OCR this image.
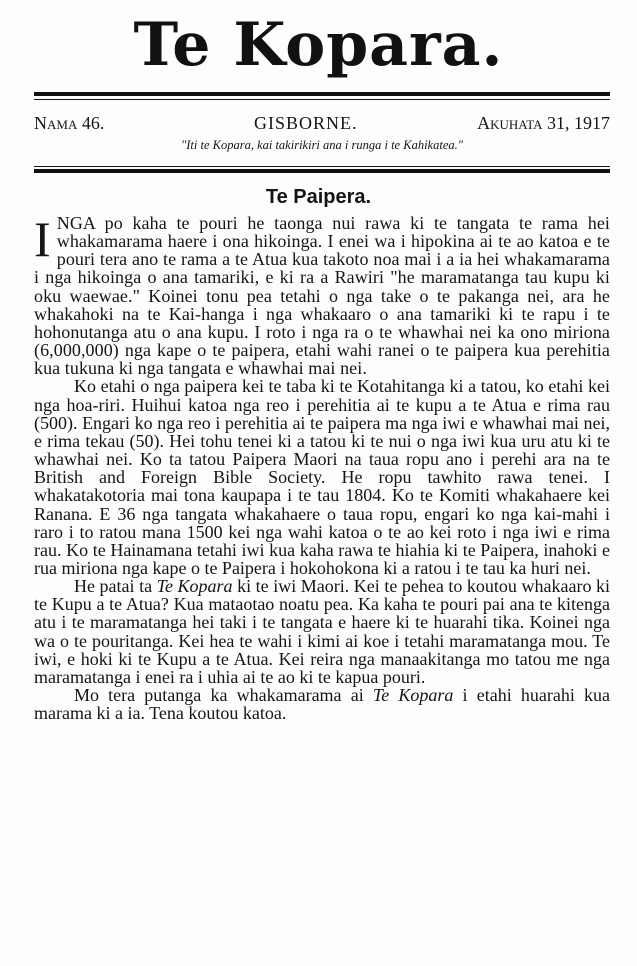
Te Kopara.
Nama 46.	GISBORNE.	Akuhata 31, 1917
"Iti te Kopara, kai takirikiri ana i runga i te Kahikatea."
Te Paipera.

INGA po kaha te pouri he taonga nui rawa ki te tangata te rama hei whakamarama haere i ona hikoinga. I enei wa i hipokina ai te ao katoa e te pouri tera ano te rama a te Atua kua takoto noa mai i a ia hei whakamarama i nga hikoinga o ana tamariki, e ki ra a Rawiri "he maramatanga tau kupu ki oku waewae." Koinei tonu pea tetahi o nga take o te pakanga nei, ara he whakahoki na te Kai-hanga i nga whakaaro o ana tamariki ki te rapu i te hohonutanga atu o ana kupu. I roto i nga ra o te whawhai nei ka ono miriona (6,000,000) nga kape o te paipera, etahi wahi ranei o te paipera kua perehitia kua tukuna ki nga tangata e whawhai mai nei.

Ko etahi o nga paipera kei te taba ki te Kotahitanga ki a tatou, ko etahi kei nga hoa-riri. Huihui katoa nga reo i perehitia ai te kupu a te Atua e rima rau (500). Engari ko nga reo i perehitia ai te paipera ma nga iwi e whawhai mai nei, e rima tekau (50). Hei tohu tenei ki a tatou ki te nui o nga iwi kua uru atu ki te whawhai nei. Ko ta tatou Paipera Maori na taua ropu ano i perehi ara na te British and Foreign Bible Society. He ropu tawhito rawa tenei. I whakatakotoria mai tona kaupapa i te tau 1804. Ko te Komiti whakahaere kei Ranana. E 36 nga tangata whakahaere o taua ropu, engari ko nga kai-mahi i raro i to ratou mana 1500 kei nga wahi katoa o te ao kei roto i nga iwi e rima rau. Ko te Hainamana tetahi iwi kua kaha rawa te hiahia ki te Paipera, inahoki e rua miriona nga kape o te Paipera i hokohokona ki a ratou i te tau ka huri nei.

He patai ta Te Kopara ki te iwi Maori. Kei te pehea to koutou whakaaro ki te Kupu a te Atua? Kua mataotao noatu pea. Ka kaha te pouri pai ana te kitenga atu i te maramatanga hei taki i te tangata e haere ki te huarahi tika. Koinei nga wa o te pouritanga. Kei hea te wahi i kimi ai koe i tetahi maramatanga mou. Te iwi, e hoki ki te Kupu a te Atua. Kei reira nga manaakitanga mo tatou me nga maramatanga i enei ra i uhia ai te ao ki te kapua pouri.

Mo tera putanga ka whakamarama ai Te Kopara i etahi huarahi kua marama ki a ia. Tena koutou katoa.
